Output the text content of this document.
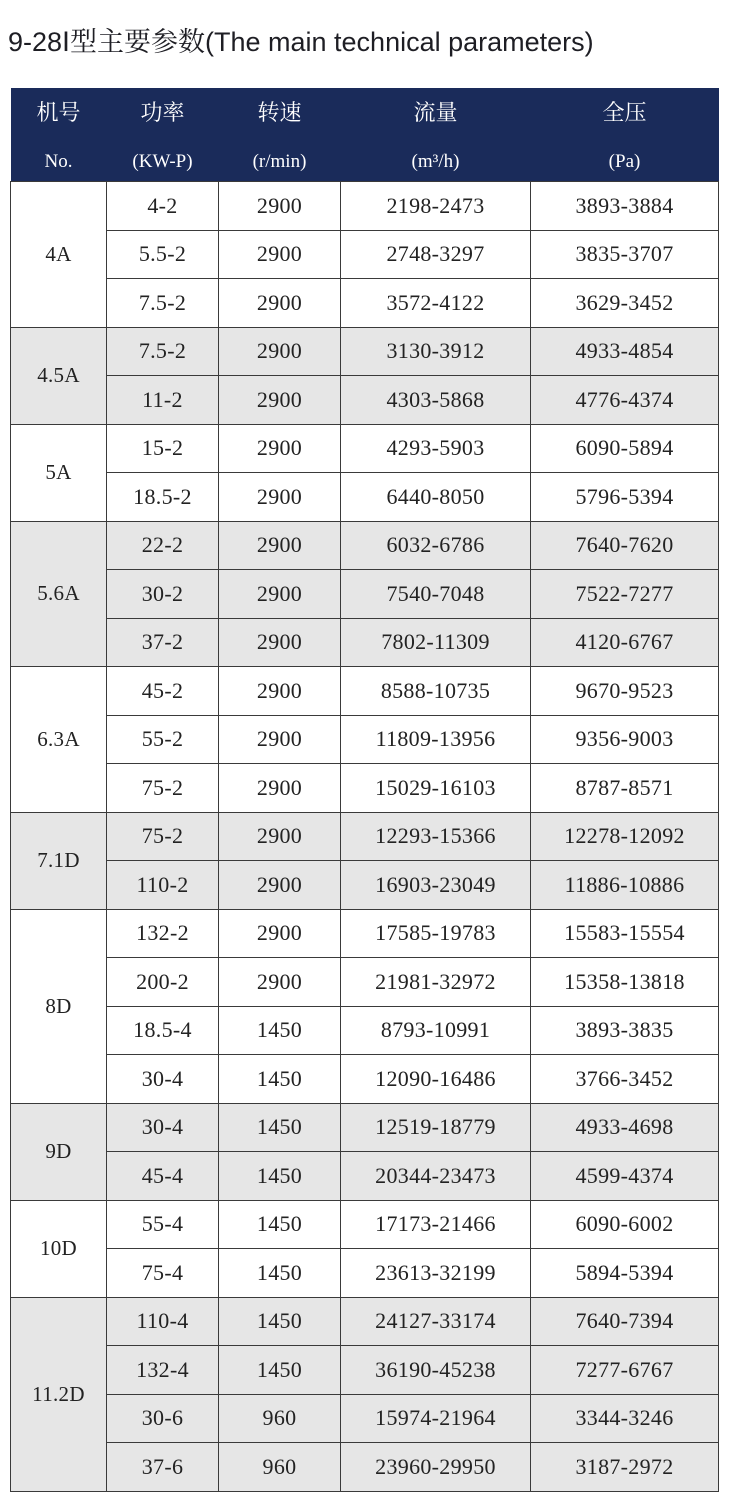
9-28Ⅰ型主要参数(The main technical parameters)
机号	功率	转速	流量	全压
No.	(KW-P)	(r/min)	(m³/h)	(Pa)
4A	4-2	2900	2198-2473	3893-3884
	5.5-2	2900	2748-3297	3835-3707
	7.5-2	2900	3572-4122	3629-3452
4.5A	7.5-2	2900	3130-3912	4933-4854
	11-2	2900	4303-5868	4776-4374
5A	15-2	2900	4293-5903	6090-5894
	18.5-2	2900	6440-8050	5796-5394
5.6A	22-2	2900	6032-6786	7640-7620
	30-2	2900	7540-7048	7522-7277
	37-2	2900	7802-11309	4120-6767
6.3A	45-2	2900	8588-10735	9670-9523
	55-2	2900	11809-13956	9356-9003
	75-2	2900	15029-16103	8787-8571
7.1D	75-2	2900	12293-15366	12278-12092
	110-2	2900	16903-23049	11886-10886
8D	132-2	2900	17585-19783	15583-15554
	200-2	2900	21981-32972	15358-13818
	18.5-4	1450	8793-10991	3893-3835
	30-4	1450	12090-16486	3766-3452
9D	30-4	1450	12519-18779	4933-4698
	45-4	1450	20344-23473	4599-4374
10D	55-4	1450	17173-21466	6090-6002
	75-4	1450	23613-32199	5894-5394
11.2D	110-4	1450	24127-33174	7640-7394
	132-4	1450	36190-45238	7277-6767
	30-6	960	15974-21964	3344-3246
	37-6	960	23960-29950	3187-2972
